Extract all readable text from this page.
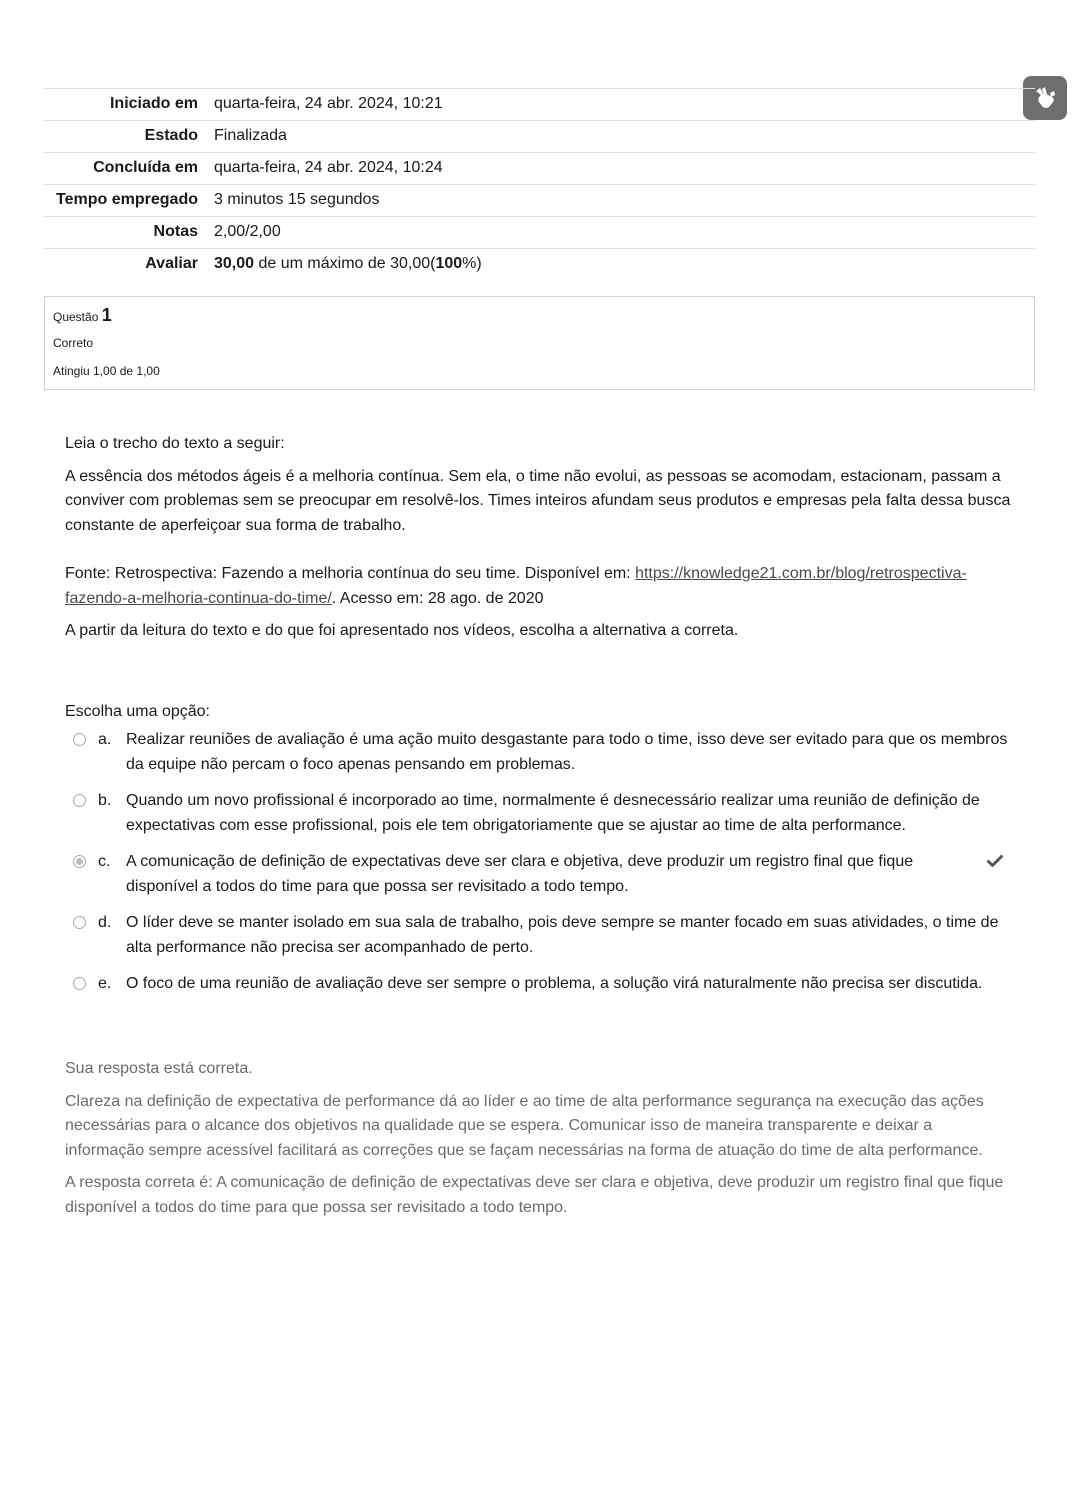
Iniciado em	quarta-feira, 24 abr. 2024, 10:21
Estado	Finalizada
Concluída em	quarta-feira, 24 abr. 2024, 10:24
Tempo empregado	3 minutos 15 segundos
Notas	2,00/2,00
Avaliar	30,00 de um máximo de 30,00(100%)
Questão 1
Correto
Atingiu 1,00 de 1,00

Leia o trecho do texto a seguir:

A essência dos métodos ágeis é a melhoria contínua. Sem ela, o time não evolui, as pessoas se acomodam, estacionam, passam a conviver com problemas sem se preocupar em resolvê-los. Times inteiros afundam seus produtos e empresas pela falta dessa busca constante de aperfeiçoar sua forma de trabalho.

Fonte: Retrospectiva: Fazendo a melhoria contínua do seu time. Disponível em: https://knowledge21.com.br/blog/retrospectiva-fazendo-a-melhoria-continua-do-time/. Acesso em: 28 ago. de 2020

A partir da leitura do texto e do que foi apresentado nos vídeos, escolha a alternativa a correta.

Escolha uma opção:
a. Realizar reuniões de avaliação é uma ação muito desgastante para todo o time, isso deve ser evitado para que os membros da equipe não percam o foco apenas pensando em problemas.
b. Quando um novo profissional é incorporado ao time, normalmente é desnecessário realizar uma reunião de definição de expectativas com esse profissional, pois ele tem obrigatoriamente que se ajustar ao time de alta performance.
c. A comunicação de definição de expectativas deve ser clara e objetiva, deve produzir um registro final que fique disponível a todos do time para que possa ser revisitado a todo tempo.
d. O líder deve se manter isolado em sua sala de trabalho, pois deve sempre se manter focado em suas atividades, o time de alta performance não precisa ser acompanhado de perto.
e. O foco de uma reunião de avaliação deve ser sempre o problema, a solução virá naturalmente não precisa ser discutida.

Sua resposta está correta.

Clareza na definição de expectativa de performance dá ao líder e ao time de alta performance segurança na execução das ações necessárias para o alcance dos objetivos na qualidade que se espera. Comunicar isso de maneira transparente e deixar a informação sempre acessível facilitará as correções que se façam necessárias na forma de atuação do time de alta performance.

A resposta correta é: A comunicação de definição de expectativas deve ser clara e objetiva, deve produzir um registro final que fique disponível a todos do time para que possa ser revisitado a todo tempo.
